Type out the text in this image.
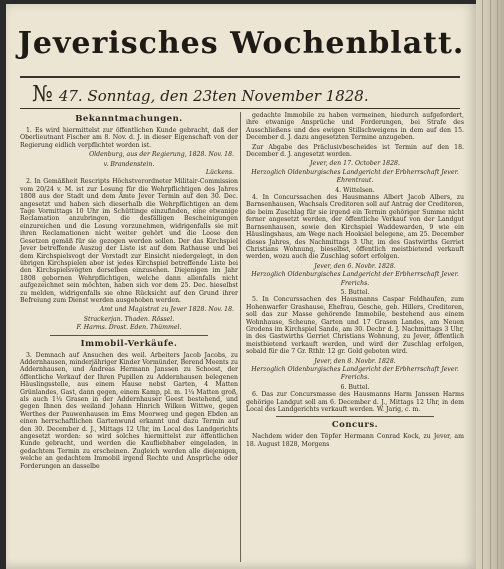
Jeverisches Wochenblatt.
№ 47. Sonntag, den 23ten November 1828.
Bekanntmachungen.

1. Es wird hiermittelst zur öffentlichen Kunde gebracht, daß der Oberlieutnant Fischer am 8. Nov. d. J. in dieser Eigenschaft von der Regierung eidlich verpflichtet worden ist.

Oldenburg, aus der Regierung, 1828. Nov. 18.
v. Brandenstein.
Lückens.

2. In Gemäßheit Rescripts Höchstverordneter Militair-Commission vom 20/24 v. M. ist zur Losung für die Wehrpflichtigen des Jahres 1808 aus der Stadt und dem Amte Jever Termin auf den 30. Dec. angesetzt und haben sich dieserhalb die Wehrpflichtigen an dem Tage Vormittags 10 Uhr im Schüttinge einzufinden, eine etwanige Reclamation anzubringen, die desfälligen Bescheinigungen einzureichen und die Losung vorzunehmen, widrigenfalls sie mit ihren Reclamationen nicht weiter gehört und die Loose den Gesetzen gemäß für sie gezogen werden sollen. Der das Kirchspiel Jever betreffende Auszug der Liste ist auf dem Rathause und bei dem Kirchspielsvogt der Vorstadt zur Einsicht niedergelegt, in den übrigen Kirchspielen aber ist jedes Kirchspiel betreffende Liste bei den Kirchspielsvögten derselben einzusehen. Diejenigen im Jahr 1808 gebornen Wehrpflichtigen, welche dann allenfalls nicht aufgezeichnet sein möchten, haben sich vor dem 25. Dec. hieselbst zu melden, widrigenfalls sie ohne Rücksicht auf den Grund ihrer Befreiung zum Dienst werden ausgehoben werden.

Amt und Magistrat zu Jever 1828. Nov. 18.
Strackerjan. Thaden. Rössel.
F. Harms. Drost. Eden. Thümmel.
Immobil-Verkäufe.

3. Demnach auf Ansuchen des weil. Arbeiters Jacob Jacobs, zu Addernhausen, minderjähriger Kinder Vormünder, Berend Meents zu Addernhausen, und Andreas Hermann Janssen zu Schoost, der öffentliche Verkauf der Ihren Pupillen zu Addernhausen belegenen Häuslingsstelle, aus einem Hause nebst Garten, 4 Matten Grünlandes, Gast, dann gegen, einem Kamp, pl. m. 1¼ Matten groß, als auch 1¼ Grasen in der Addernhauser Geest bestehend, und gegen Ihnen des weiland Johann Hinrich Wilken Wittwe, gegen Werthes der Pauwenhausen im Ems Moorweg und gegen Ebden an einen herrschaftlichen Gartenwund erkannt und dazu Termin auf den 30. December d. J., Mittags 12 Uhr, im Local des Landgerichts angesetzt worden: so wird solches hiermittelst zur öffentlichen Kunde gebracht, und werden die Kaufliebhaber eingeladen, in gedachtem Termin zu erscheinen. Zugleich werden alle diejenigen, welche an gedachtem Immobil irgend Rechte und Ansprüche oder Forderungen an dasselbe

gedachte Immobile zu haben vermeinen, hiedurch aufgefordert, ihre etwanige Ansprüche und Forderungen, bei Strafe des Ausschließens und des ewigen Stillschweigens in dem auf den 15. December d. J. dazu angesetzten Termine anzugeben.

Zur Abgabe des Präclusivbescheides ist Termin auf den 18. December d. J. angesetzt worden.

Jever, den 17. October 1828.
Herzoglich Oldenburgisches Landgericht der Erbherrschaft Jever.
Ehrentraut.
4. Wittelsen.

4. In Concurssachen des Hausmanns Albert Jacob Albers, zu Barnsenhausen, Wachsals Creditoren soll auf Antrag der Creditoren, die beim Zuschlag für sie irgend ein Termin gehöriger Summe nicht ferner angesetzt werden, der öffentliche Verkauf von der Landgut Barnsenhausen, sowie den Kirchspiel Waddewarden, 9 wie ein Häuslingshaus, am Wege nach Hooksiel belegene, am 25. December dieses Jahres, des Nachmittags 3 Uhr, im des Gastwirths Gerriet Christians Wohnung, bieselbst, öffentlich meistbietend verkauft werden, wozu auch die Zuschlag sofort erfolgen.

Jever, den 6. Novbr. 1828.
Herzoglich Oldenburgisches Landgericht der Erbherrschaft Jever.
Frerichs.
5. Buttel.

5. In Concurssachen des Hausmanns Caspar Feldhaufen, zum Hohenwarfer Grashause, Ehefrau, Gesche, geb. Hillers, Creditoren, soll das zur Masse gehörende Immobile, bestehend aus einem Wohnhause, Scheune, Garten und 17 Grasen Landes, am Neuen Grodens im Kirchspiel Sande, am 30. Decbr d. J. Nachmittags 3 Uhr, in des Gastwirths Gerriet Christians Wohnung, zu Jever, öffentlich meistbietend verkauft werden, und wird der Zuschlag erfolgen, sobald für die 7 Gr. Rthlr. 12 gr. Gold geboten wird.

Jever, den 8. Novbr. 1828.
Herzoglich Oldenburgisches Landgericht der Erbherrschaft Jever.
Frerichs.
6. Buttel.

6. Das zur Concursmasse des Hausmanns Harm Janssen Harms gehörige Landgut soll am 6. December d. J., Mittags 12 Uhr, in dem Local des Landgerichts verkauft werden. W. Jarig, c. m.

Concurs.

Nachdem wider den Töpfer Hermann Conrad Kock, zu Jever, am 18. August 1828, Morgens
